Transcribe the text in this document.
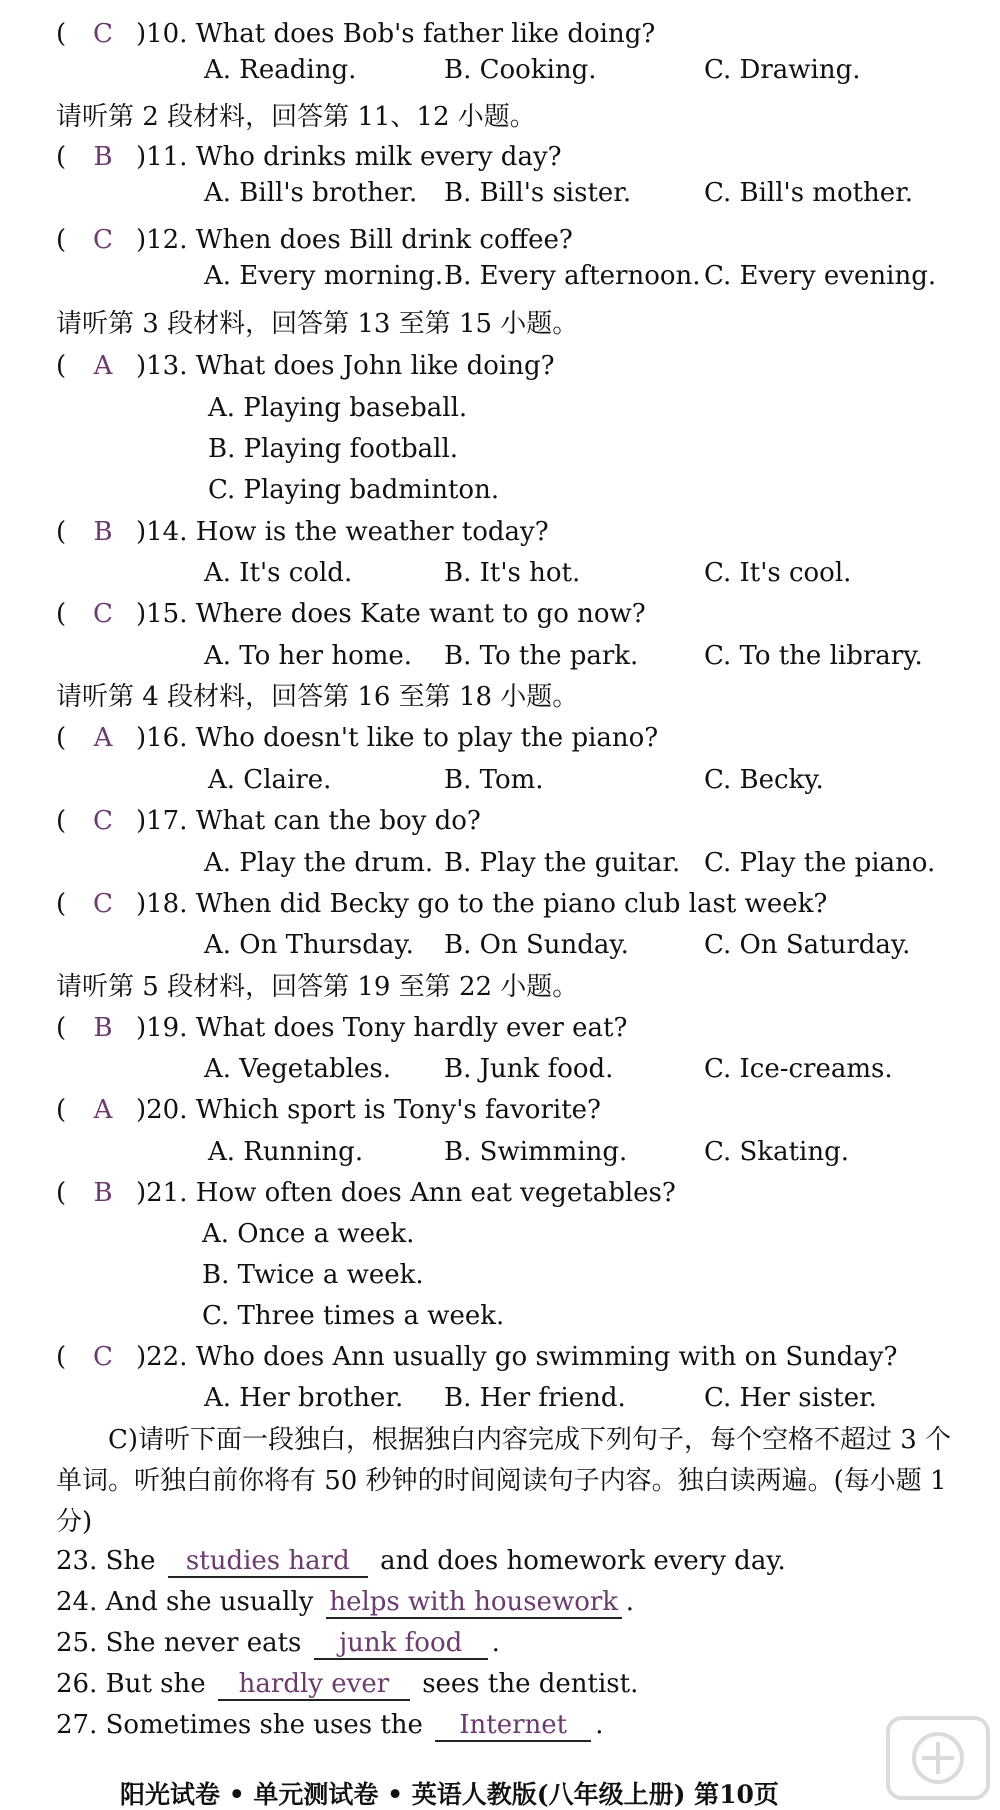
( C )10. What does Bob's father like doing?
A. Reading.	B. Cooking.	C. Drawing.
请听第 2 段材料，回答第 11、12 小题。
( B )11. Who drinks milk every day?
A. Bill's brother. B. Bill's sister.	C. Bill's mother.
( C )12. When does Bill drink coffee?
A. Every morning. B. Every afternoon. C. Every evening.
请听第 3 段材料，回答第 13 至第 15 小题。
( A )13. What does John like doing?
A. Playing baseball.
B. Playing football.
C. Playing badminton.
( B )14. How is the weather today?
A. It's cold.	B. It's hot.	C. It's cool.
( C )15. Where does Kate want to go now?
A. To her home. B. To the park.	C. To the library.
请听第 4 段材料，回答第 16 至第 18 小题。
( A )16. Who doesn't like to play the piano?
A. Claire.	B. Tom.	C. Becky.
( C )17. What can the boy do?
A. Play the drum. B. Play the guitar. C. Play the piano.
( C )18. When did Becky go to the piano club last week?
A. On Thursday. B. On Sunday.	C. On Saturday.
请听第 5 段材料，回答第 19 至第 22 小题。
( B )19. What does Tony hardly ever eat?
A. Vegetables. B. Junk food.	C. Ice-creams.
( A )20. Which sport is Tony's favorite?
A. Running.	B. Swimming.	C. Skating.
( B )21. How often does Ann eat vegetables?
A. Once a week.
B. Twice a week.
C. Three times a week.
( C )22. Who does Ann usually go swimming with on Sunday?
A. Her brother. B. Her friend.	C. Her sister.
C)请听下面一段独白，根据独白内容完成下列句子，每个空格不超过 3 个单词。听独白前你将有 50 秒钟的时间阅读句子内容。独白读两遍。(每小题 1 分)
23. She studies hard and does homework every day.
24. And she usually helps with housework .
25. She never eats junk food .
26. But she hardly ever sees the dentist.
27. Sometimes she uses the Internet .
阳光试卷 • 单元测试卷 • 英语人教版(八年级上册) 第10页
